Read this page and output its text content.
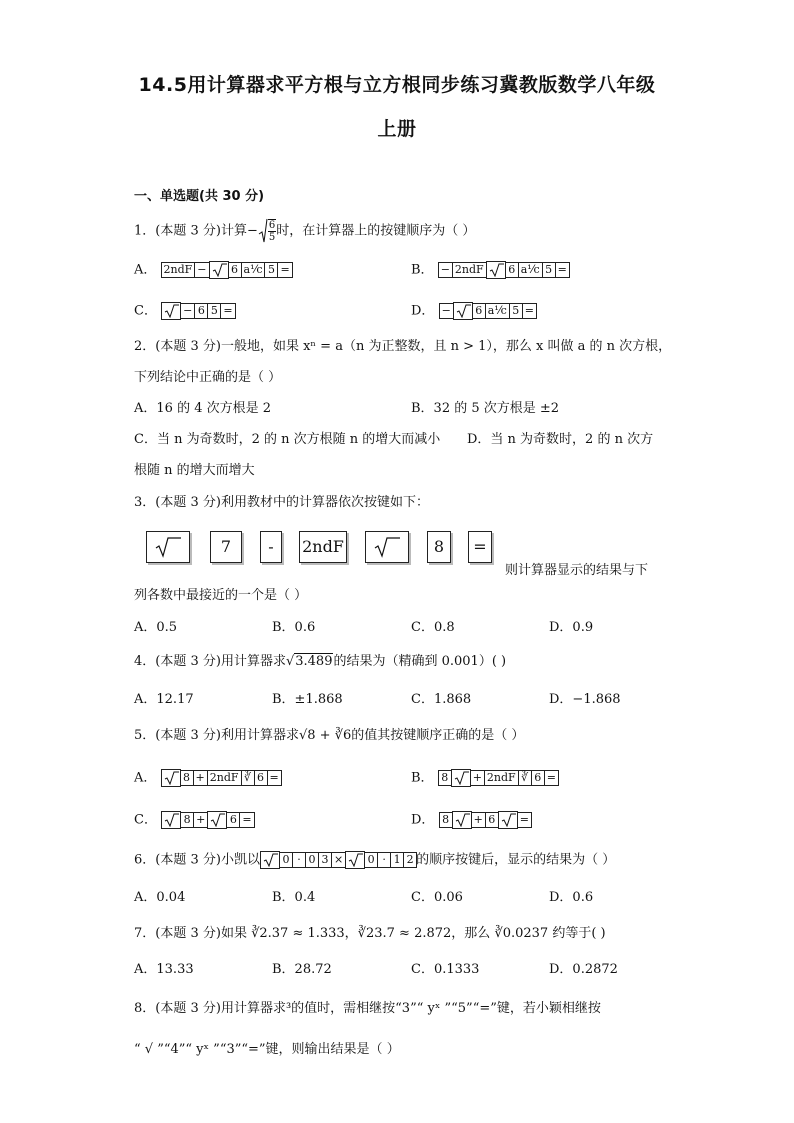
14.5用计算器求平方根与立方根同步练习冀教版数学八年级
上册
一、单选题(共 30 分)
1．(本题 3 分)计算− $\frac{6}{5}$时，在计算器上的按键顺序为（ ）
A． 2ndF − 6 a⅟c 5 =	B． − 2ndF 6 a⅟c 5 =
C． − 6 5 =	D． − 6 a⅟c 5 =
2．(本题 3 分)一般地，如果 xⁿ = a（n 为正整数，且 n > 1），那么 x 叫做 a 的 n 次方根，
下列结论中正确的是（ ）
A．16 的 4 次方根是 2	B．32 的 5 次方根是 ±2
C．当 n 为奇数时，2 的 n 次方根随 n 的增大而减小 D．当 n 为奇数时，2 的 n 次方
根随 n 的增大而增大
3．(本题 3 分)利用教材中的计算器依次按键如下：
7	-	2ndF	8	=
则计算器显示的结果与下
列各数中最接近的一个是（ ）
A．0.5	B．0.6	C．0.8	D．0.9
4．(本题 3 分)用计算器求√3.489的结果为（精确到 0.001）( )
A．12.17	B．±1.868	C．1.868	D．−1.868
5．(本题 3 分)利用计算器求√8 + ∛6的值其按键顺序正确的是（ ）
A． 8 + 2ndF ∛ 6 =	B． 8 + 2ndF ∛ 6 =
C． 8 + 6 =	D． 8 + 6 =
6．(本题 3 分)小凯以 0 · 0 3 × 0 · 1 2 的顺序按键后，显示的结果为（ ）
A．0.04	B．0.4	C．0.06	D．0.6
7．(本题 3 分)如果 ∛2.37 ≈ 1.333，∛23.7 ≈ 2.872，那么 ∛0.0237 约等于( )
A．13.33	B．28.72	C．0.1333	D．0.2872
8．(本题 3 分)用计算器求³的值时，需相继按“3”“ yˣ ”“5”“=”键，若小颖相继按
“ √ ”“4”“ yˣ ”“3”“=”键，则输出结果是（ ）
